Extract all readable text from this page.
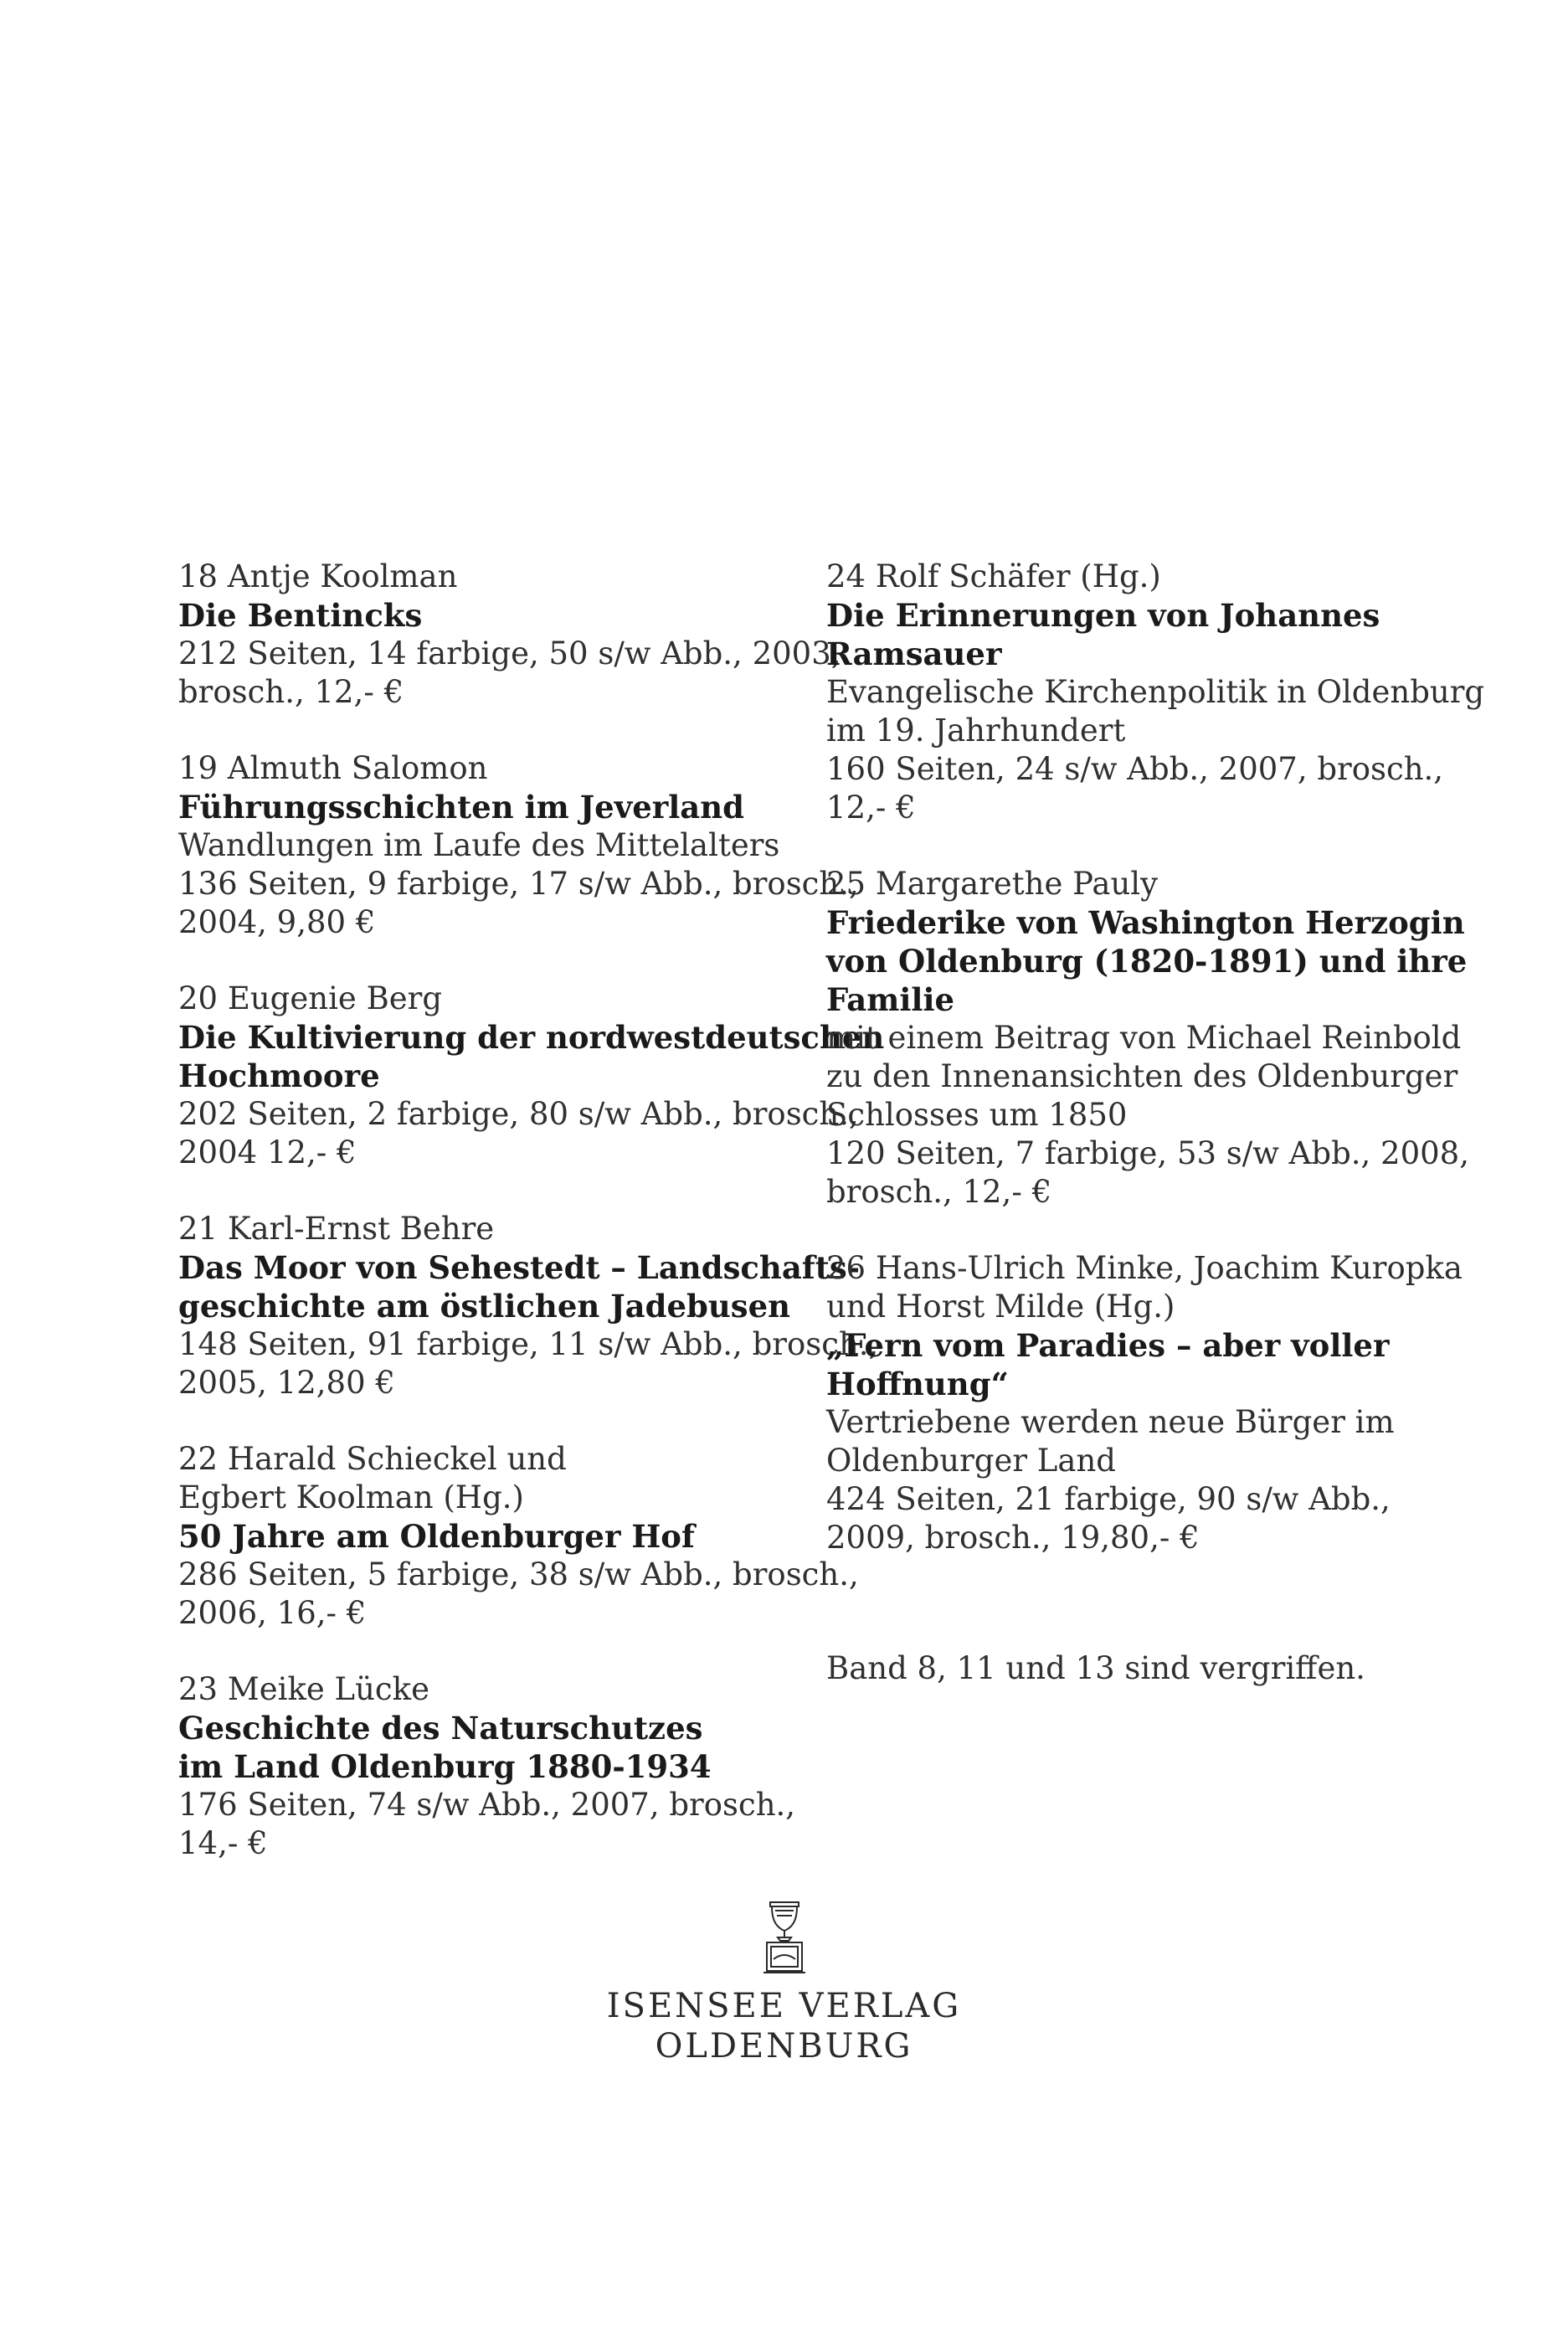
18 Antje Koolman
Die Bentincks
212 Seiten, 14 farbige, 50 s/w Abb., 2003,
brosch., 12,- €
19 Almuth Salomon
Führungsschichten im Jeverland
Wandlungen im Laufe des Mittelalters
136 Seiten, 9 farbige, 17 s/w Abb., brosch.,
2004, 9,80 €
20 Eugenie Berg
Die Kultivierung der nordwestdeutschen
Hochmoore
202 Seiten, 2 farbige, 80 s/w Abb., brosch.,
2004 12,- €
21 Karl-Ernst Behre
Das Moor von Sehestedt – Landschafts-
geschichte am östlichen Jadebusen
148 Seiten, 91 farbige, 11 s/w Abb., brosch.,
2005, 12,80 €
22 Harald Schieckel und
Egbert Koolman (Hg.)
50 Jahre am Oldenburger Hof
286 Seiten, 5 farbige, 38 s/w Abb., brosch.,
2006, 16,- €
23 Meike Lücke
Geschichte des Naturschutzes
im Land Oldenburg 1880-1934
176 Seiten, 74 s/w Abb., 2007, brosch.,
14,- €
24 Rolf Schäfer (Hg.)
Die Erinnerungen von Johannes
Ramsauer
Evangelische Kirchenpolitik in Oldenburg
im 19. Jahrhundert
160 Seiten, 24 s/w Abb., 2007, brosch.,
12,- €
25 Margarethe Pauly
Friederike von Washington Herzogin
von Oldenburg (1820-1891) und ihre
Familie
mit einem Beitrag von Michael Reinbold
zu den Innenansichten des Oldenburger
Schlosses um 1850
120 Seiten, 7 farbige, 53 s/w Abb., 2008,
brosch., 12,- €
26 Hans-Ulrich Minke, Joachim Kuropka
und Horst Milde (Hg.)
„Fern vom Paradies – aber voller
Hoffnung“
Vertriebene werden neue Bürger im
Oldenburger Land
424 Seiten, 21 farbige, 90 s/w Abb.,
2009, brosch., 19,80,- €
Band 8, 11 und 13 sind vergriffen.
ISENSEE VERLAG
OLDENBURG
